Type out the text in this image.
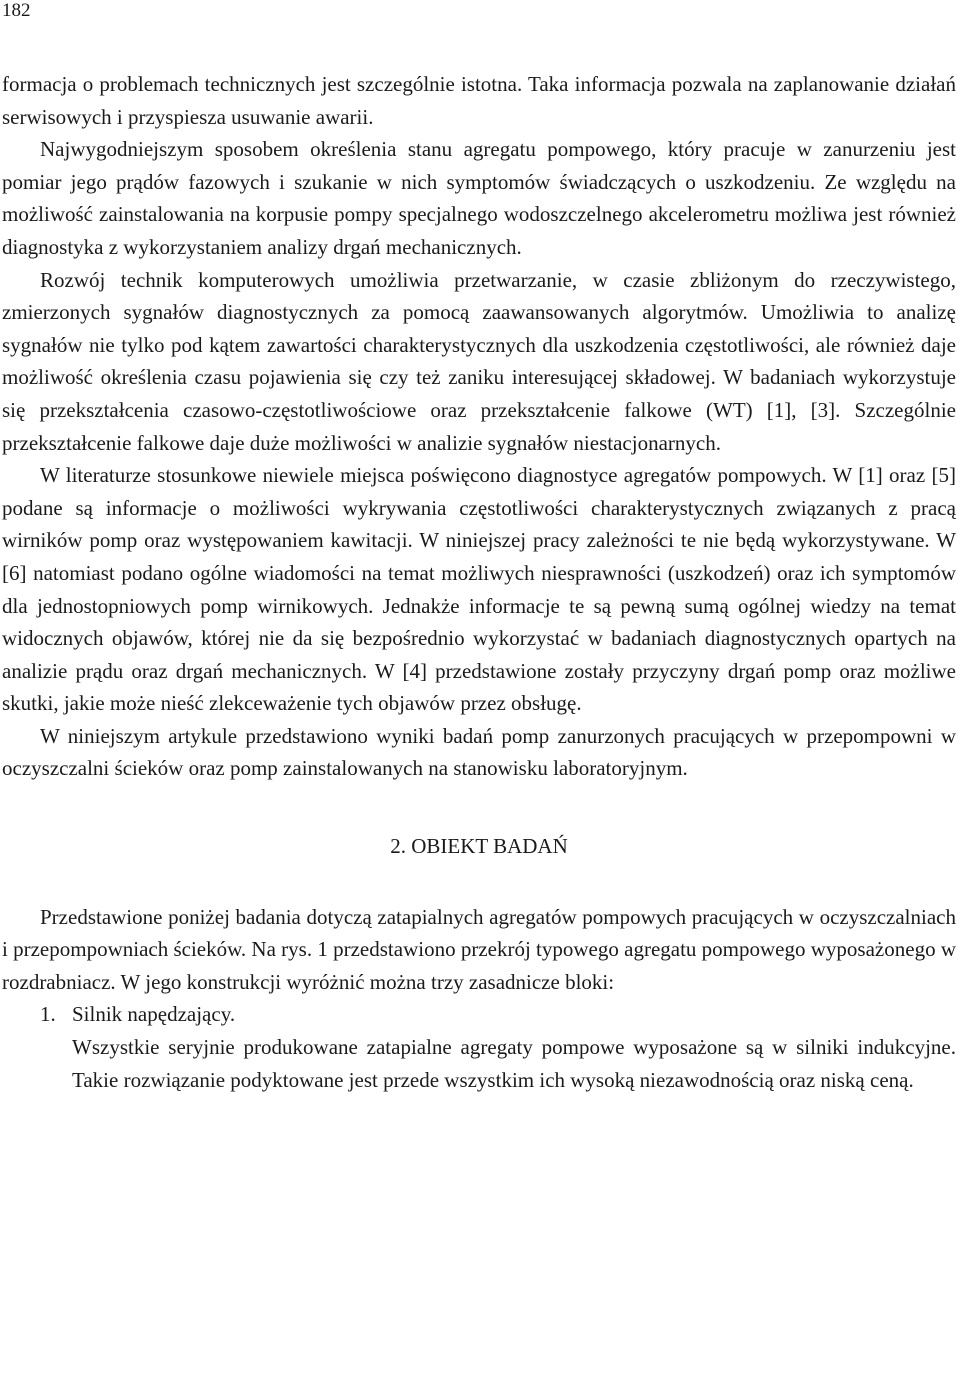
182

formacja o problemach technicznych jest szczególnie istotna. Taka informacja pozwala na zaplanowanie działań serwisowych i przyspiesza usuwanie awarii.

Najwygodniejszym sposobem określenia stanu agregatu pompowego, który pracuje w zanurzeniu jest pomiar jego prądów fazowych i szukanie w nich symptomów świadczących o uszkodzeniu. Ze względu na możliwość zainstalowania na korpusie pompy specjalnego wodoszczelnego akcelerometru możliwa jest również diagnostyka z wykorzystaniem analizy drgań mechanicznych.

Rozwój technik komputerowych umożliwia przetwarzanie, w czasie zbliżonym do rzeczywistego, zmierzonych sygnałów diagnostycznych za pomocą zaawansowanych algorytmów. Umożliwia to analizę sygnałów nie tylko pod kątem zawartości charakterystycznych dla uszkodzenia częstotliwości, ale również daje możliwość określenia czasu pojawienia się czy też zaniku interesującej składowej. W badaniach wykorzystuje się przekształcenia czasowo-częstotliwościowe oraz przekształcenie falkowe (WT) [1], [3]. Szczególnie przekształcenie falkowe daje duże możliwości w analizie sygnałów niestacjonarnych.

W literaturze stosunkowe niewiele miejsca poświęcono diagnostyce agregatów pompowych. W [1] oraz [5] podane są informacje o możliwości wykrywania częstotliwości charakterystycznych związanych z pracą wirników pomp oraz występowaniem kawitacji. W niniejszej pracy zależności te nie będą wykorzystywane. W [6] natomiast podano ogólne wiadomości na temat możliwych niesprawności (uszkodzeń) oraz ich symptomów dla jednostopniowych pomp wirnikowych. Jednakże informacje te są pewną sumą ogólnej wiedzy na temat widocznych objawów, której nie da się bezpośrednio wykorzystać w badaniach diagnostycznych opartych na analizie prądu oraz drgań mechanicznych. W [4] przedstawione zostały przyczyny drgań pomp oraz możliwe skutki, jakie może nieść zlekceważenie tych objawów przez obsługę.

W niniejszym artykule przedstawiono wyniki badań pomp zanurzonych pracujących w przepompowni w oczyszczalni ścieków oraz pomp zainstalowanych na stanowisku laboratoryjnym.

2. OBIEKT BADAŃ

Przedstawione poniżej badania dotyczą zatapialnych agregatów pompowych pracujących w oczyszczalniach i przepompowniach ścieków. Na rys. 1 przedstawiono przekrój typowego agregatu pompowego wyposażonego w rozdrabniacz. W jego konstrukcji wyróżnić można trzy zasadnicze bloki:

1. Silnik napędzający.

Wszystkie seryjnie produkowane zatapialne agregaty pompowe wyposażone są w silniki indukcyjne. Takie rozwiązanie podyktowane jest przede wszystkim ich wysoką niezawodnością oraz niską ceną.
